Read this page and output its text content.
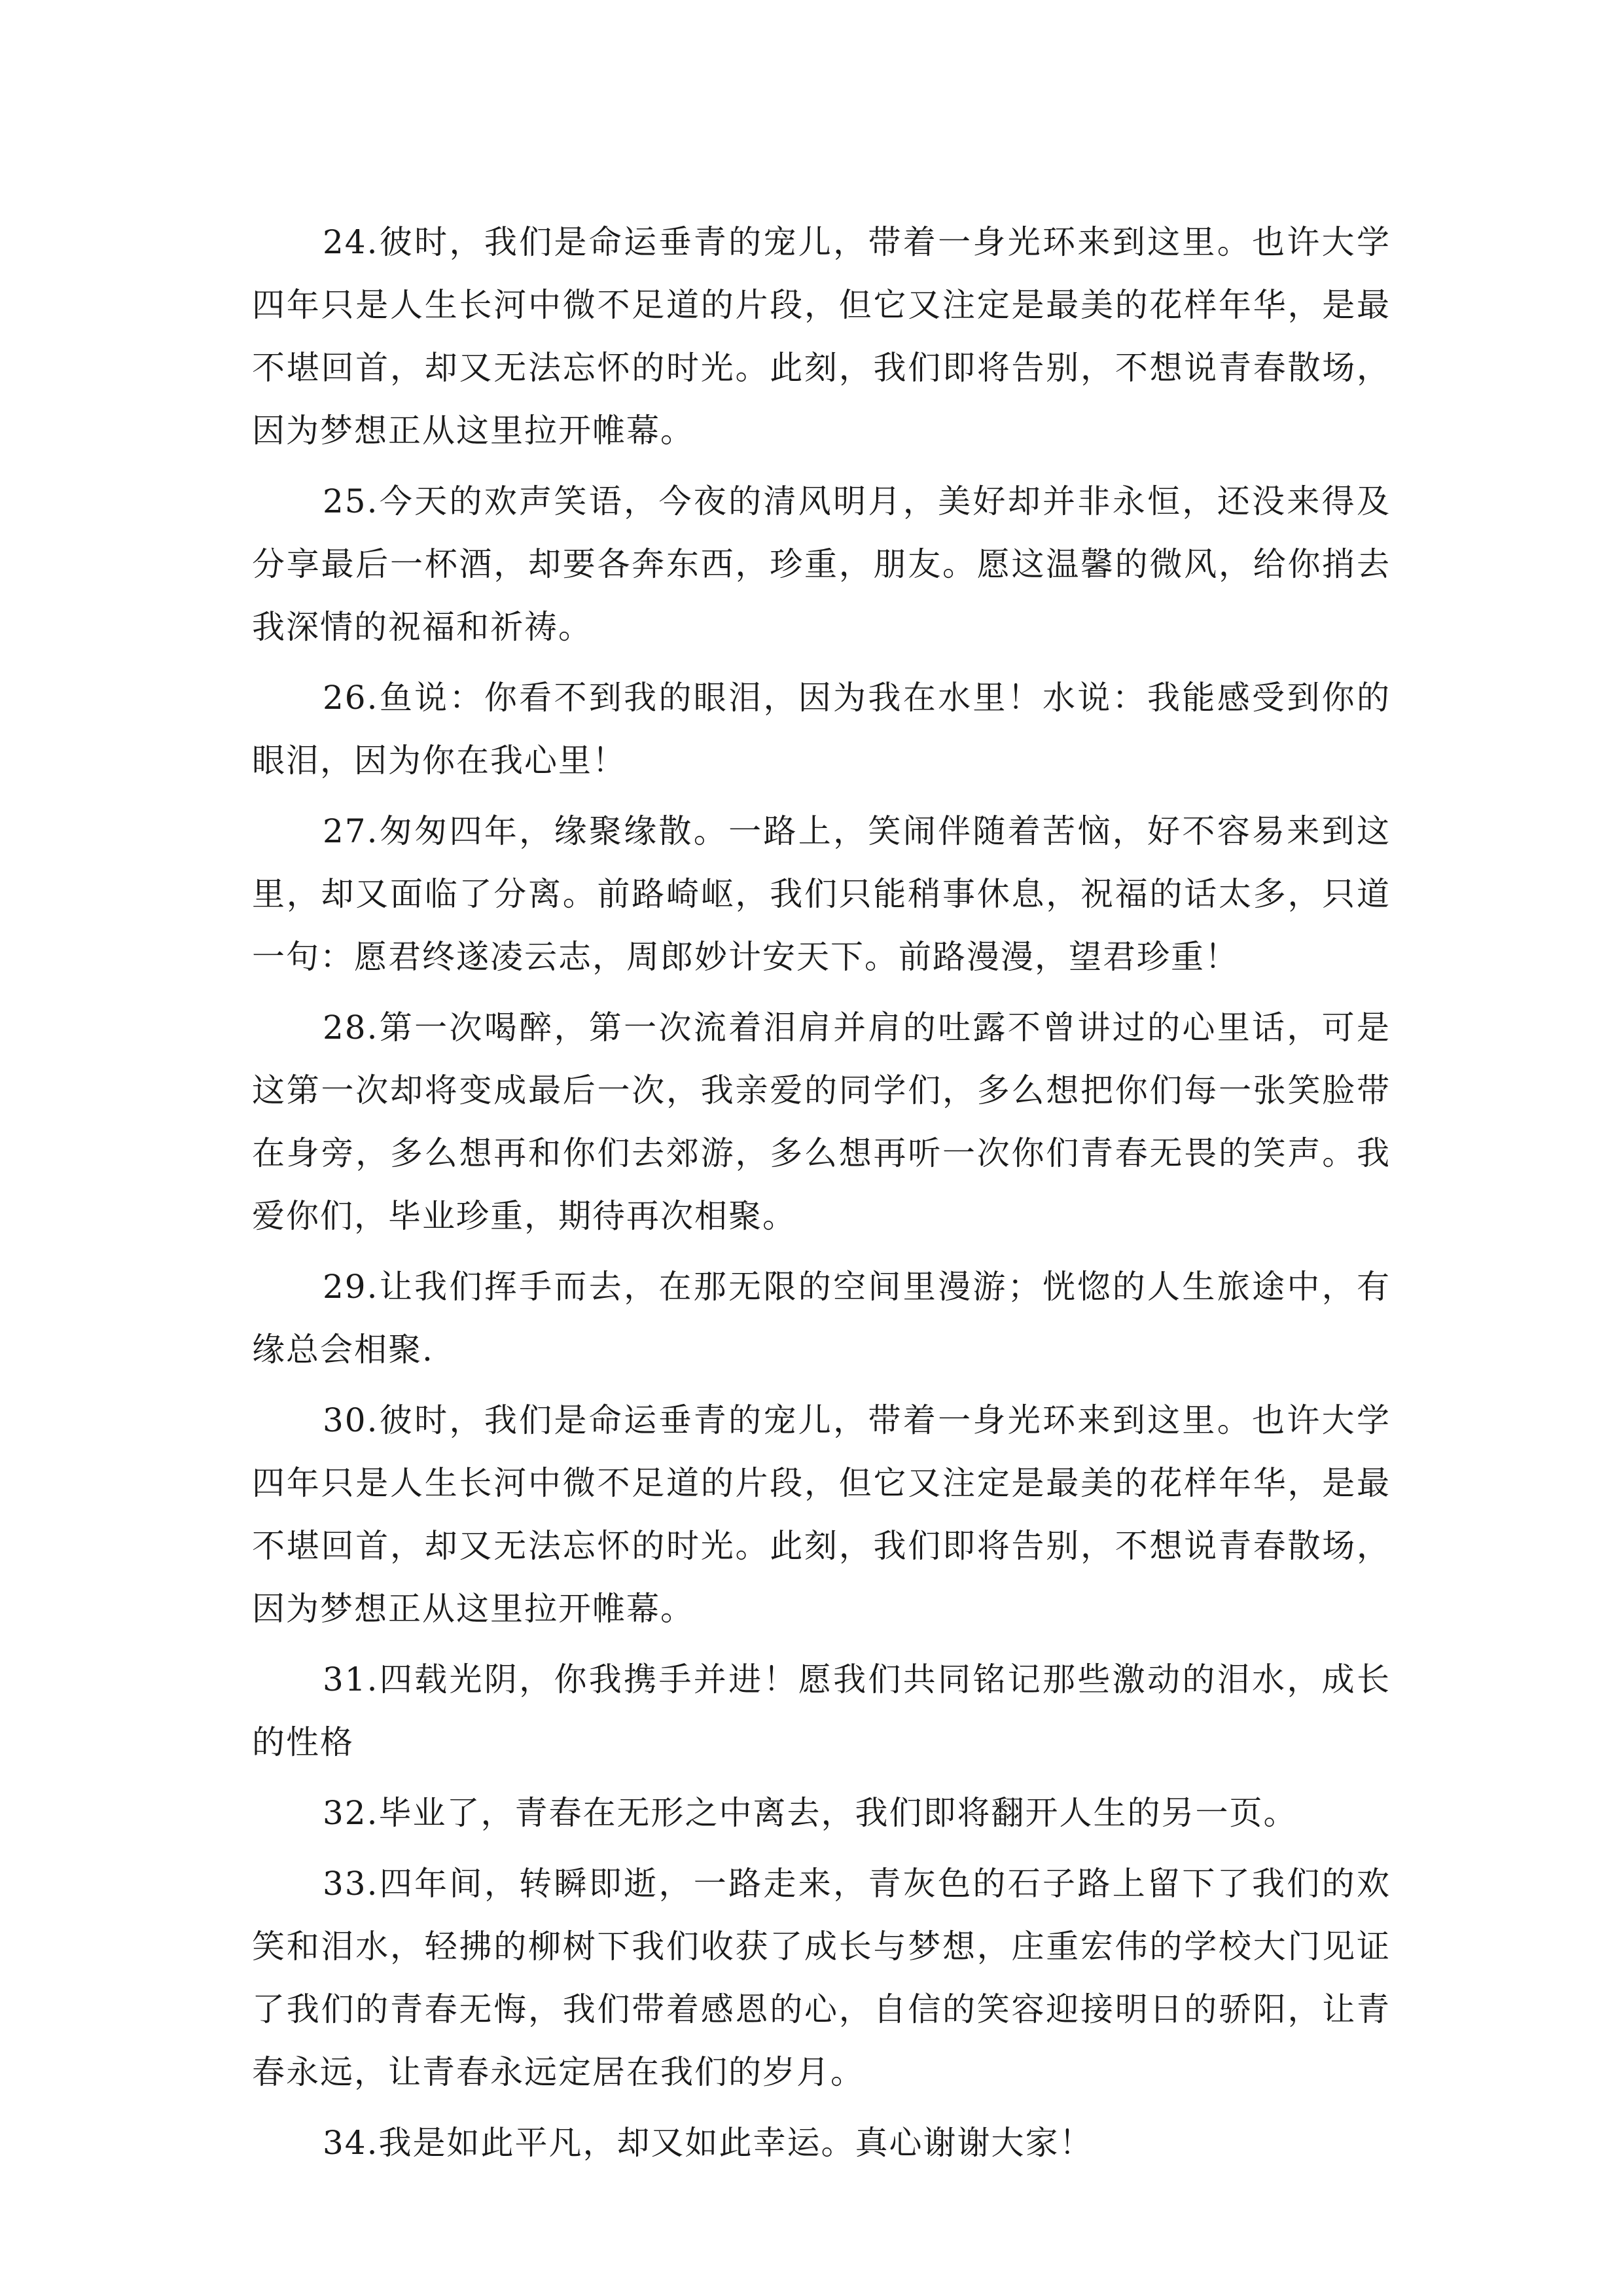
24.彼时，我们是命运垂青的宠儿，带着一身光环来到这里。也许大学四年只是人生长河中微不足道的片段，但它又注定是最美的花样年华，是最不堪回首，却又无法忘怀的时光。此刻，我们即将告别，不想说青春散场，因为梦想正从这里拉开帷幕。

25.今天的欢声笑语，今夜的清风明月，美好却并非永恒，还没来得及分享最后一杯酒，却要各奔东西，珍重，朋友。愿这温馨的微风，给你捎去我深情的祝福和祈祷。

26.鱼说：你看不到我的眼泪，因为我在水里！水说：我能感受到你的眼泪，因为你在我心里！

27.匆匆四年，缘聚缘散。一路上，笑闹伴随着苦恼，好不容易来到这里，却又面临了分离。前路崎岖，我们只能稍事休息，祝福的话太多，只道一句：愿君终遂凌云志，周郎妙计安天下。前路漫漫，望君珍重！

28.第一次喝醉，第一次流着泪肩并肩的吐露不曾讲过的心里话，可是这第一次却将变成最后一次，我亲爱的同学们，多么想把你们每一张笑脸带在身旁，多么想再和你们去郊游，多么想再听一次你们青春无畏的笑声。我爱你们，毕业珍重，期待再次相聚。

29.让我们挥手而去，在那无限的空间里漫游；恍惚的人生旅途中，有缘总会相聚.

30.彼时，我们是命运垂青的宠儿，带着一身光环来到这里。也许大学四年只是人生长河中微不足道的片段，但它又注定是最美的花样年华，是最不堪回首，却又无法忘怀的时光。此刻，我们即将告别，不想说青春散场，因为梦想正从这里拉开帷幕。

31.四载光阴，你我携手并进！愿我们共同铭记那些激动的泪水，成长的性格

32.毕业了，青春在无形之中离去，我们即将翻开人生的另一页。

33.四年间，转瞬即逝，一路走来，青灰色的石子路上留下了我们的欢笑和泪水，轻拂的柳树下我们收获了成长与梦想，庄重宏伟的学校大门见证了我们的青春无悔，我们带着感恩的心，自信的笑容迎接明日的骄阳，让青春永远，让青春永远定居在我们的岁月。

34.我是如此平凡，却又如此幸运。真心谢谢大家！
